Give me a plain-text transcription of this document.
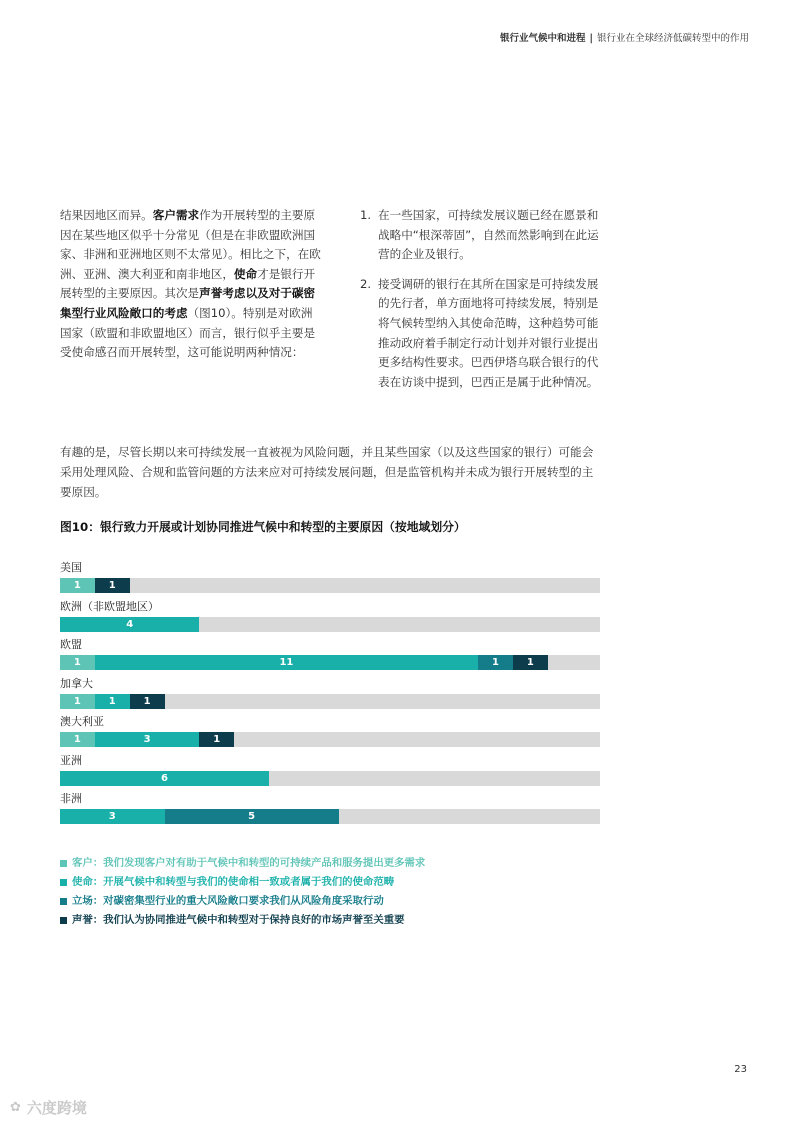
银行业气候中和进程 | 银行业在全球经济低碳转型中的作用
结果因地区而异。客户需求作为开展转型的主要原因在某些地区似乎十分常见（但是在非欧盟欧洲国家、非洲和亚洲地区则不太常见）。相比之下，在欧洲、亚洲、澳大利亚和南非地区，使命才是银行开展转型的主要原因。其次是声誉考虑以及对于碳密集型行业风险敞口的考虑（图10）。特别是对欧洲国家（欧盟和非欧盟地区）而言，银行似乎主要是受使命感召而开展转型，这可能说明两种情况：
1. 在一些国家，可持续发展议题已经在愿景和战略中“根深蒂固”，自然而然影响到在此运营的企业及银行。
2. 接受调研的银行在其所在国家是可持续发展的先行者，单方面地将可持续发展，特别是将气候转型纳入其使命范畴，这种趋势可能推动政府着手制定行动计划并对银行业提出更多结构性要求。巴西伊塔乌联合银行的代表在访谈中提到，巴西正是属于此种情况。
有趣的是，尽管长期以来可持续发展一直被视为风险问题，并且某些国家（以及这些国家的银行）可能会采用处理风险、合规和监管问题的方法来应对可持续发展问题，但是监管机构并未成为银行开展转型的主要原因。
图10：银行致力开展或计划协同推进气候中和转型的主要原因（按地域划分）
美国
1	1
欧洲（非欧盟地区）
4
欧盟
1	11	1	1
加拿大
1	1	1
澳大利亚
1	3	1
亚洲
6
非洲
3	5
客户：我们发现客户对有助于气候中和转型的可持续产品和服务提出更多需求
使命：开展气候中和转型与我们的使命相一致或者属于我们的使命范畴
立场：对碳密集型行业的重大风险敞口要求我们从风险角度采取行动
声誉：我们认为协同推进气候中和转型对于保持良好的市场声誉至关重要
23
✿ 六度跨境
